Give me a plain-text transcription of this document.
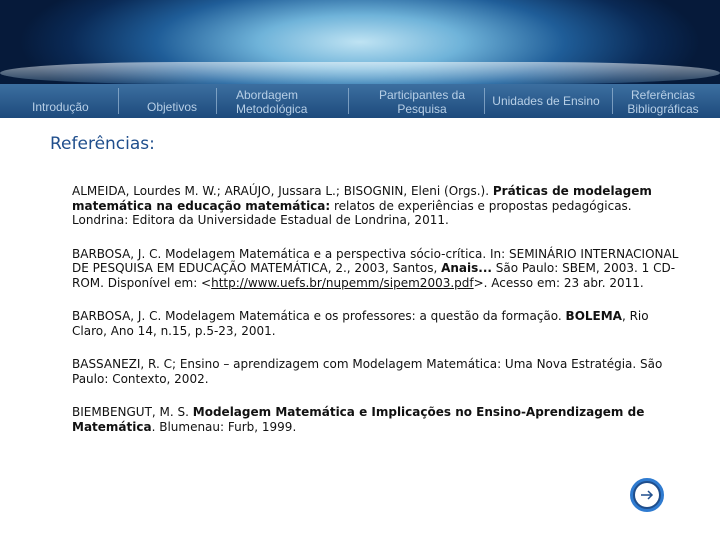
Introdução	Objetivos
Abordagem Metodológica
Participantes da Pesquisa
Unidades de Ensino	Referências Bibliográficas
Referências:

ALMEIDA, Lourdes M. W.; ARAÚJO, Jussara L.; BISOGNIN, Eleni (Orgs.). Práticas de modelagem matemática na educação matemática: relatos de experiências e propostas pedagógicas. Londrina: Editora da Universidade Estadual de Londrina, 2011.

BARBOSA, J. C. Modelagem Matemática e a perspectiva sócio-crítica. In: SEMINÁRIO INTERNACIONAL DE PESQUISA EM EDUCAÇÃO MATEMÁTICA, 2., 2003, Santos, Anais... São Paulo: SBEM, 2003. 1 CD-ROM. Disponível em: <http://www.uefs.br/nupemm/sipem2003.pdf>. Acesso em: 23 abr. 2011.

BARBOSA, J. C. Modelagem Matemática e os professores: a questão da formação. BOLEMA, Rio Claro, Ano 14, n.15, p.5-23, 2001.

BASSANEZI, R. C; Ensino – aprendizagem com Modelagem Matemática: Uma Nova Estratégia. São Paulo: Contexto, 2002.

BIEMBENGUT, M. S. Modelagem Matemática e Implicações no Ensino-Aprendizagem de Matemática. Blumenau: Furb, 1999.
